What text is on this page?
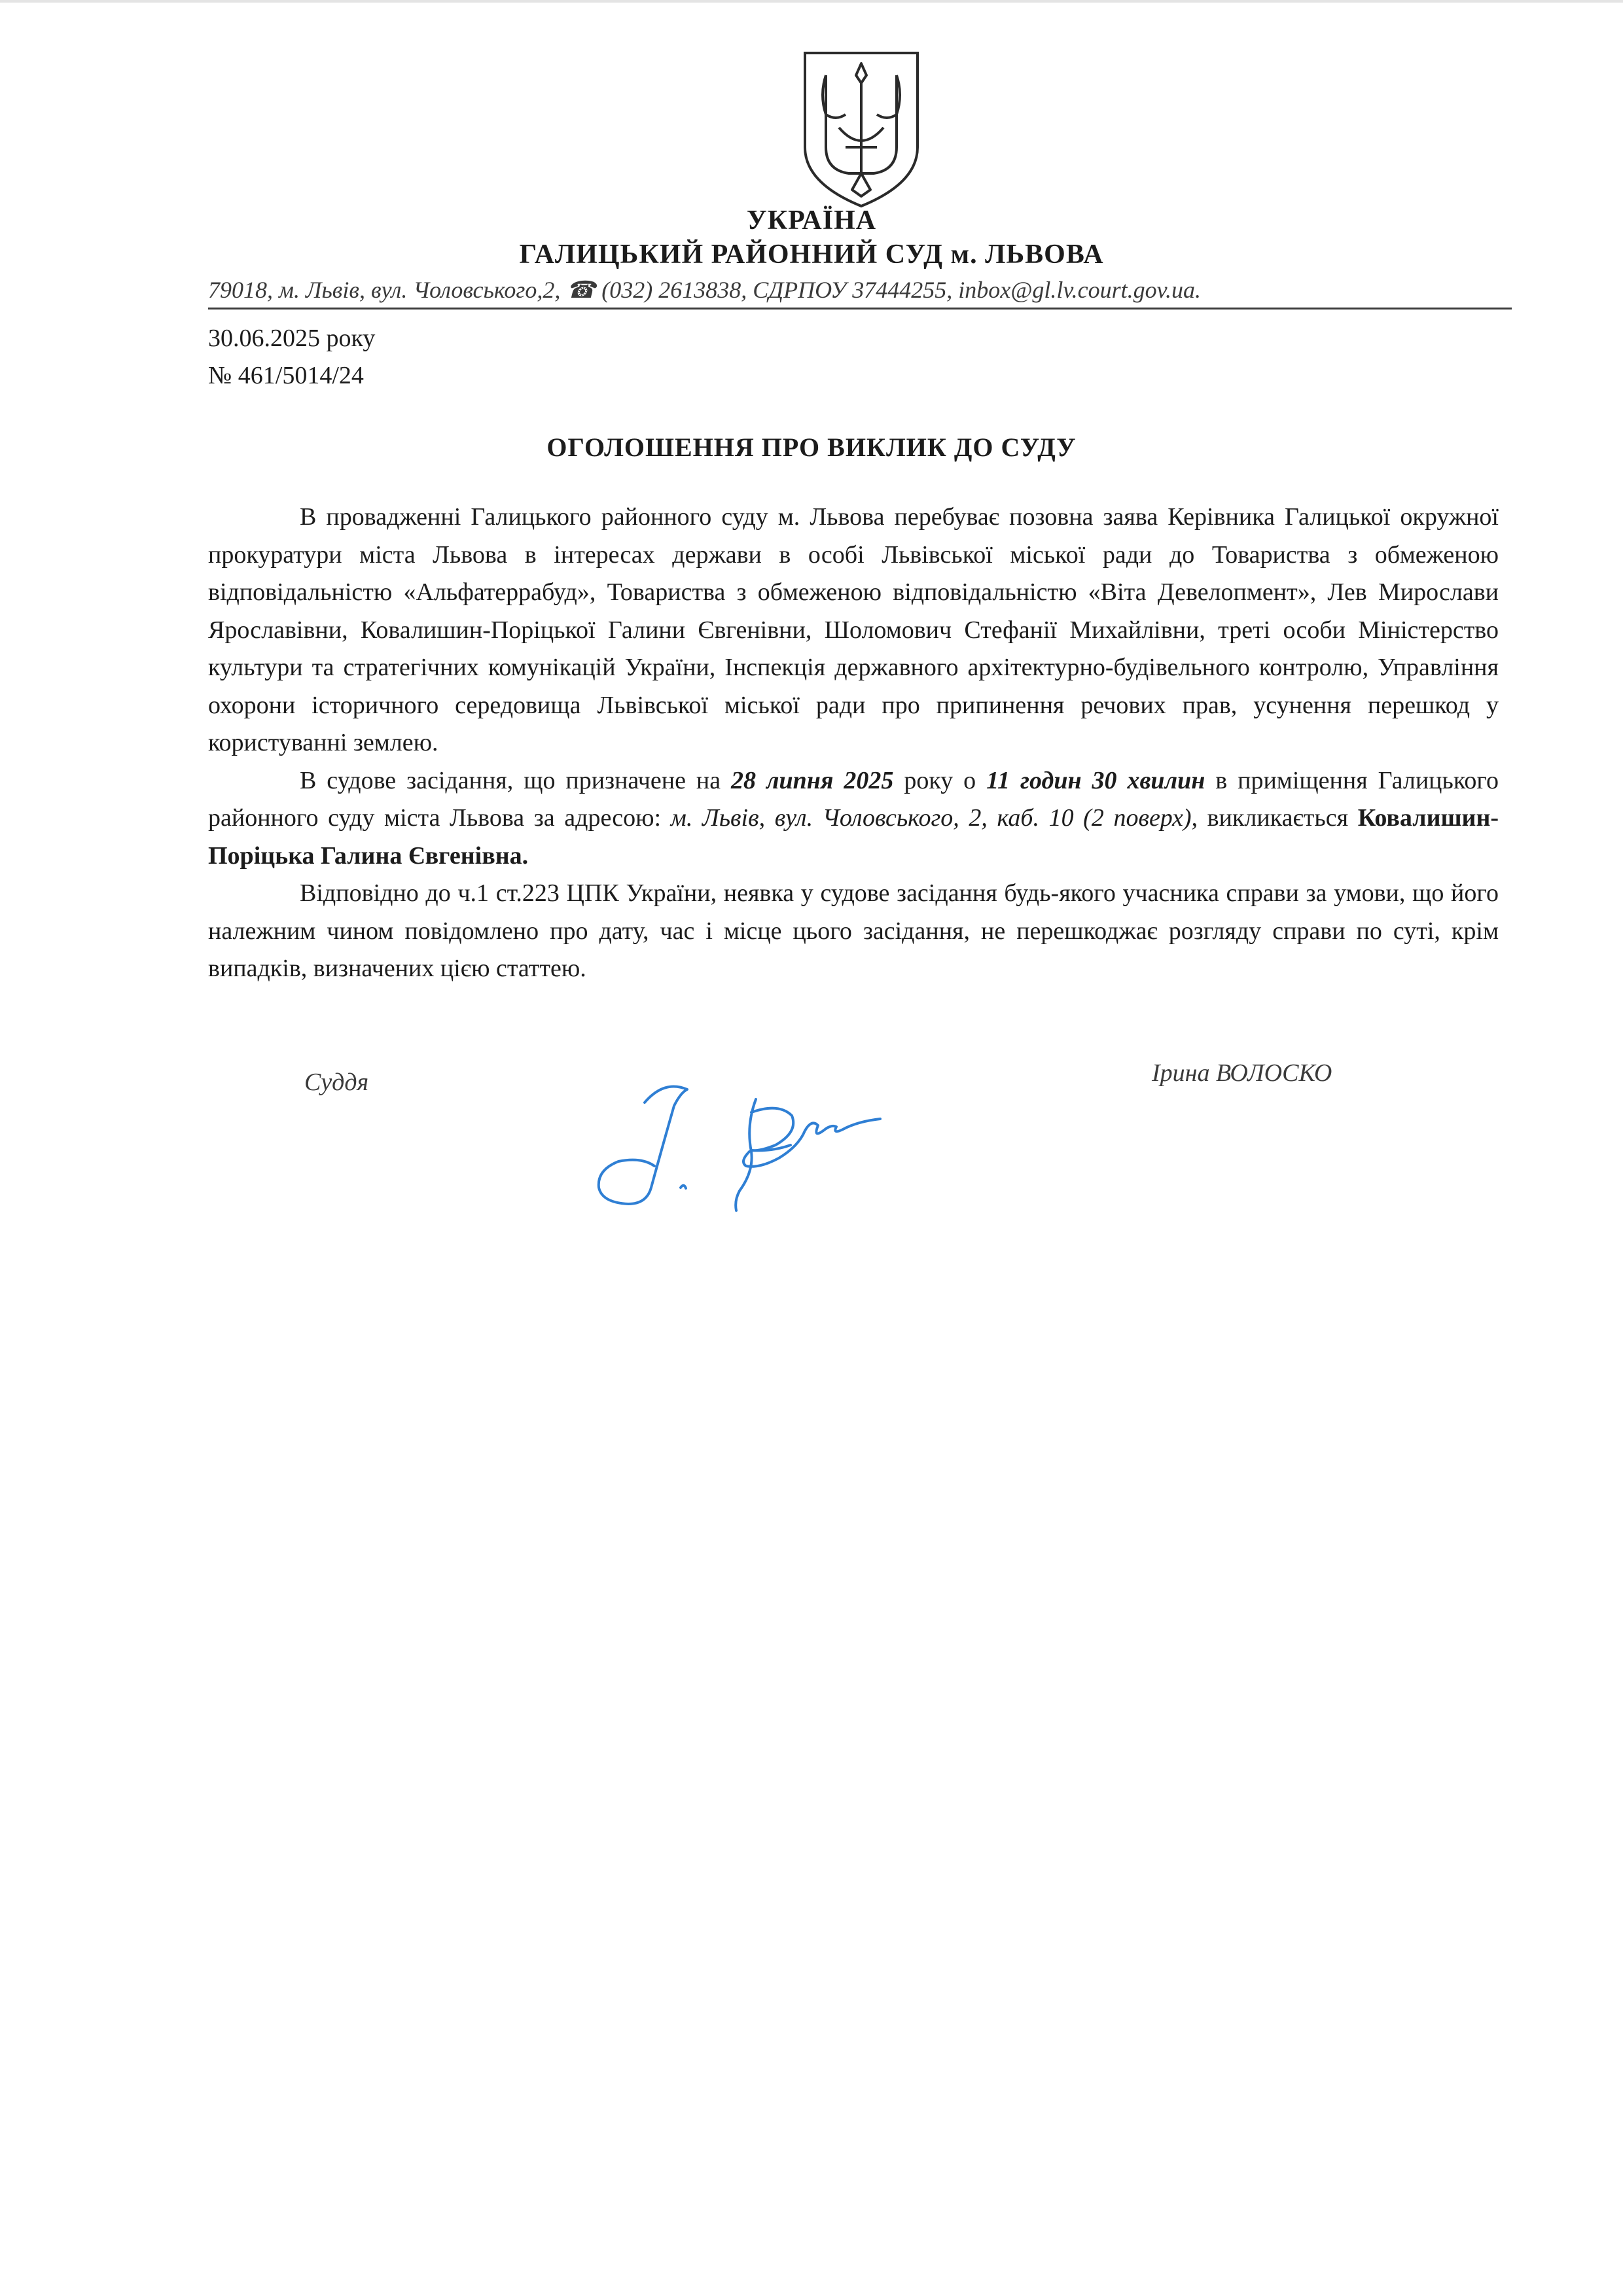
УКРАЇНА
ГАЛИЦЬКИЙ РАЙОННИЙ СУД м. ЛЬВОВА
79018, м. Львів, вул. Чоловського,2, ☎ (032) 2613838, СДРПОУ 37444255, inbox@gl.lv.court.gov.ua.
30.06.2025 року
№ 461/5014/24
ОГОЛОШЕННЯ ПРО ВИКЛИК ДО СУДУ

В провадженні Галицького районного суду м. Львова перебуває позовна заява Керівника Галицької окружної прокуратури міста Львова в інтересах держави в особі Львівської міської ради до Товариства з обмеженою відповідальністю «Альфатеррабуд», Товариства з обмеженою відповідальністю «Віта Девелопмент», Лев Мирослави Ярославівни, Ковалишин-Порiцької Галини Євгенівни, Шоломович Стефанії Михайлівни, треті особи Міністерство культури та стратегічних комунікацій України, Інспекція державного архітектурно-будівельного контролю, Управління охорони історичного середовища Львівської міської ради про припинення речових прав, усунення перешкод у користуванні землею.

В судове засідання, що призначене на 28 липня 2025 року о 11 годин 30 хвилин в приміщення Галицького районного суду міста Львова за адресою: м. Львів, вул. Чоловського, 2, каб. 10 (2 поверх), викликається Ковалишин-Порiцька Галина Євгенівна.

Відповідно до ч.1 ст.223 ЦПК України, неявка у судове засідання будь-якого учасника справи за умови, що його належним чином повідомлено про дату, час і місце цього засідання, не перешкоджає розгляду справи по суті, крім випадків, визначених цією статтею.

Суддя	Ірина ВОЛОСКО
